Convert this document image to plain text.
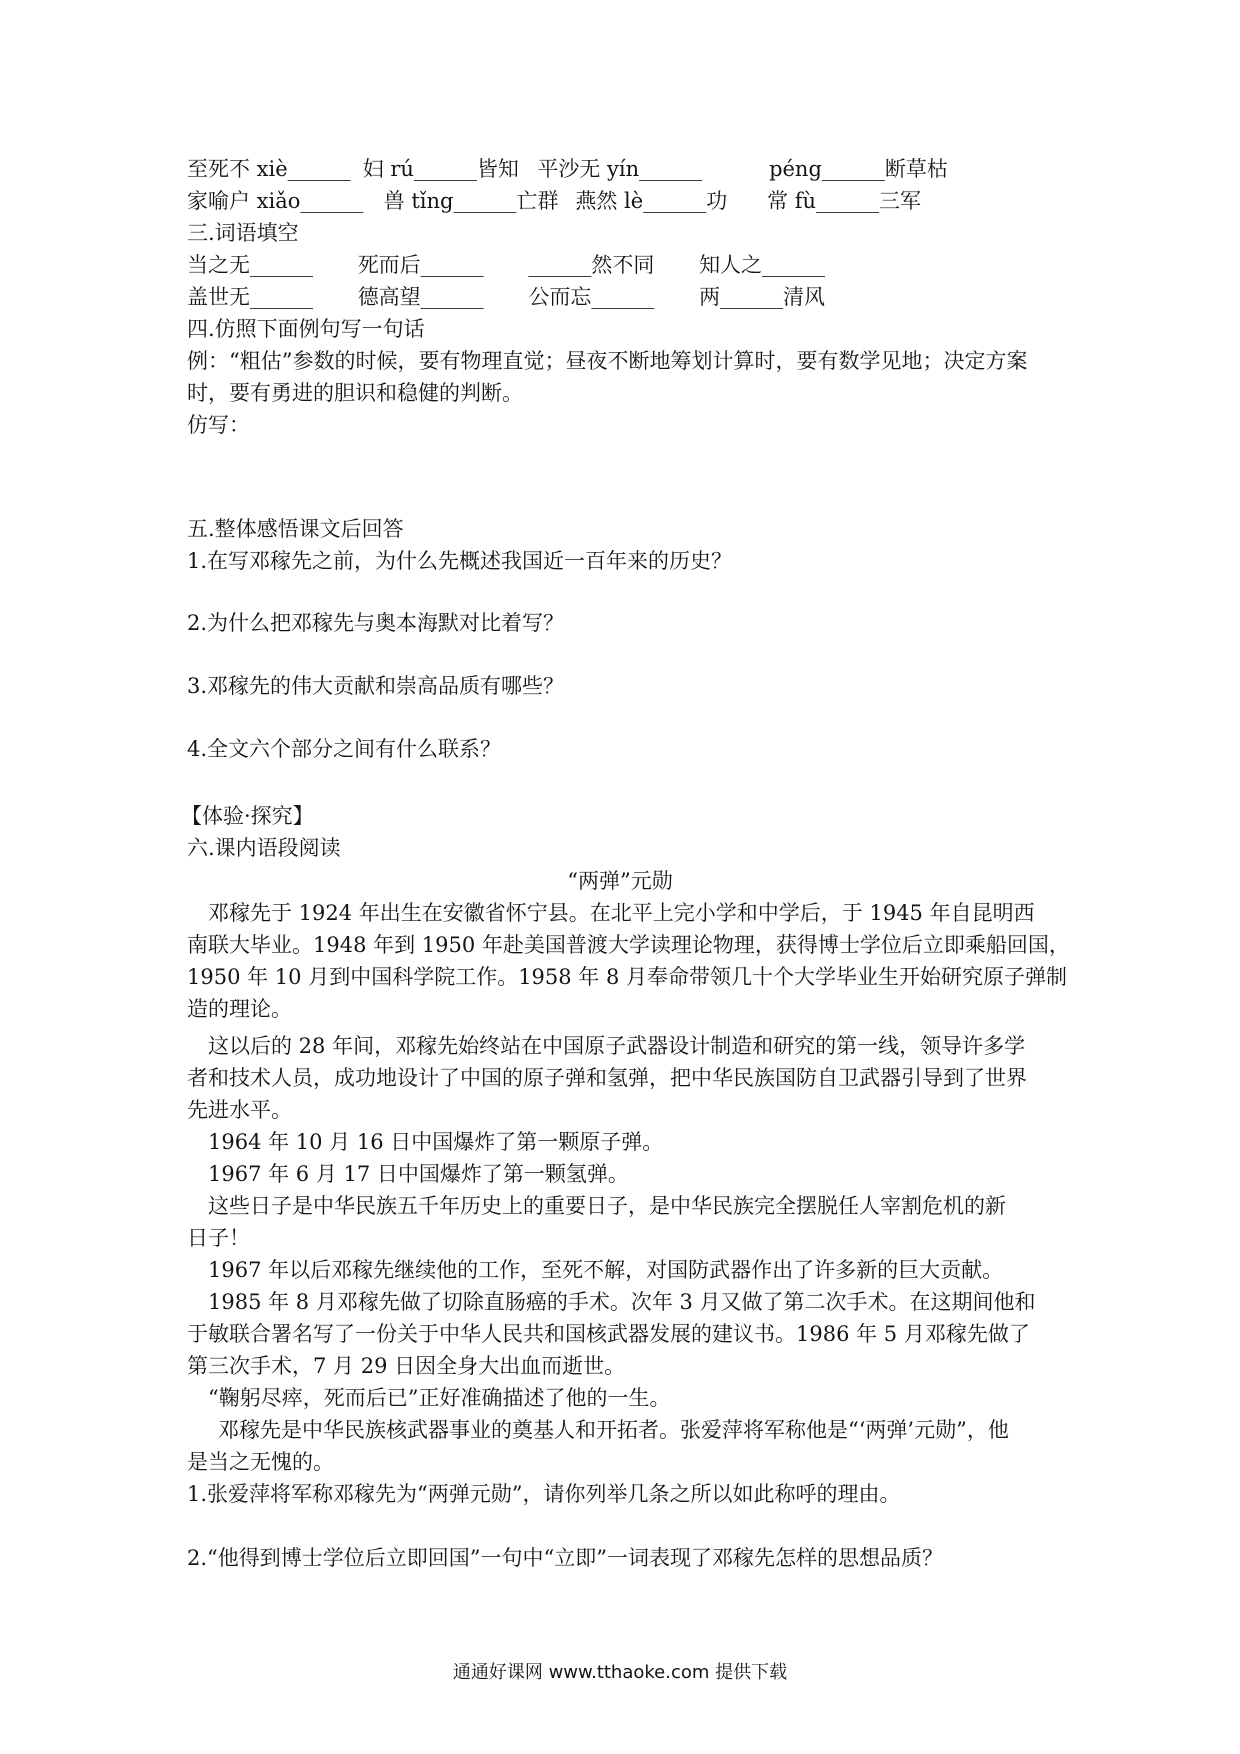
至死不 xiè______ 妇 rú______皆知 平沙无 yín______	péng______断草枯
家喻户 xiǎo______ 兽 tǐng______亡群 燕然 lè______功 常 fù______三军
三.词语填空
当之无______ 死而后______ ______然不同 知人之______
盖世无______ 德高望______ 公而忘______ 两______清风
四.仿照下面例句写一句话
例：“粗估”参数的时候，要有物理直觉；昼夜不断地筹划计算时，要有数学见地；决定方案
时，要有勇进的胆识和稳健的判断。
仿写：
五.整体感悟课文后回答
1.在写邓稼先之前，为什么先概述我国近一百年来的历史？
2.为什么把邓稼先与奥本海默对比着写？
3.邓稼先的伟大贡献和崇高品质有哪些？
4.全文六个部分之间有什么联系？
【体验·探究】
六.课内语段阅读
“两弹”元勋
邓稼先于 1924 年出生在安徽省怀宁县。在北平上完小学和中学后，于 1945 年自昆明西
南联大毕业。1948 年到 1950 年赴美国普渡大学读理论物理，获得博士学位后立即乘船回国，
1950 年 10 月到中国科学院工作。1958 年 8 月奉命带领几十个大学毕业生开始研究原子弹制
造的理论。
这以后的 28 年间，邓稼先始终站在中国原子武器设计制造和研究的第一线，领导许多学
者和技术人员，成功地设计了中国的原子弹和氢弹，把中华民族国防自卫武器引导到了世界
先进水平。
1964 年 10 月 16 日中国爆炸了第一颗原子弹。
1967 年 6 月 17 日中国爆炸了第一颗氢弹。
这些日子是中华民族五千年历史上的重要日子，是中华民族完全摆脱任人宰割危机的新
日子！
1967 年以后邓稼先继续他的工作，至死不解，对国防武器作出了许多新的巨大贡献。
1985 年 8 月邓稼先做了切除直肠癌的手术。次年 3 月又做了第二次手术。在这期间他和
于敏联合署名写了一份关于中华人民共和国核武器发展的建议书。1986 年 5 月邓稼先做了
第三次手术，7 月 29 日因全身大出血而逝世。
“鞠躬尽瘁，死而后已”正好准确描述了他的一生。
邓稼先是中华民族核武器事业的奠基人和开拓者。张爱萍将军称他是“‘两弹’元勋”，他
是当之无愧的。
1.张爱萍将军称邓稼先为“两弹元勋”，请你列举几条之所以如此称呼的理由。
2.“他得到博士学位后立即回国”一句中“立即”一词表现了邓稼先怎样的思想品质？
通通好课网 www.tthaoke.com 提供下载
